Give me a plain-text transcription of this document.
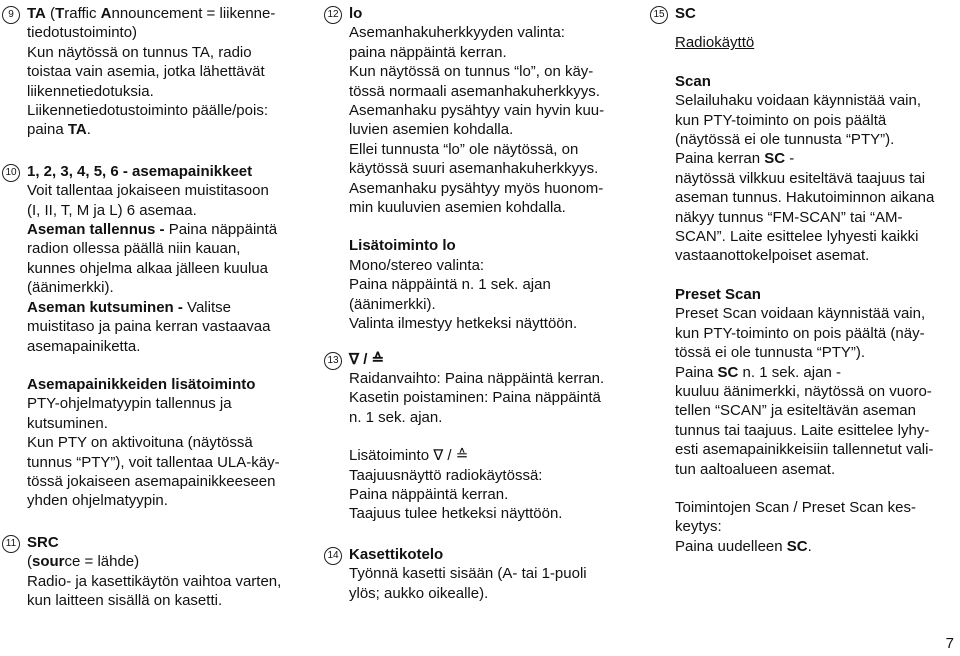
9 TA (Traffic Announcement = liikenne-
tiedotustoiminto)
Kun näytössä on tunnus TA, radio
toistaa vain asemia, jotka lähettävät
liikennetiedotuksia.
Liikennetiedotustoiminto päälle/pois:
paina TA.
10 1, 2, 3, 4, 5, 6 - asemapainikkeet
Voit tallentaa jokaiseen muistitasoon
(I, II, T, M ja L) 6 asemaa.
Aseman tallennus - Paina näppäintä
radion ollessa päällä niin kauan,
kunnes ohjelma alkaa jälleen kuulua
(äänimerkki).
Aseman kutsuminen - Valitse
muistitaso ja paina kerran vastaavaa
asemapainiketta.
Asemapainikkeiden lisätoiminto
PTY-ohjelmatyypin tallennus ja
kutsuminen.
Kun PTY on aktivoituna (näytössä
tunnus “PTY”), voit tallentaa ULA-käy-
tössä jokaiseen asemapainikkeeseen
yhden ohjelmatyypin.
11 SRC
(source = lähde)
Radio- ja kasettikäytön vaihtoa varten,
kun laitteen sisällä on kasetti.
12 lo
Asemanhakuherkkyyden valinta:
paina näppäintä kerran.
Kun näytössä on tunnus “lo”, on käy-
tössä normaali asemanhakuherkkyys.
Asemanhaku pysähtyy vain hyvin kuu-
luvien asemien kohdalla.
Ellei tunnusta “lo” ole näytössä, on
käytössä suuri asemanhakuherkkyys.
Asemanhaku pysähtyy myös huonom-
min kuuluvien asemien kohdalla.
Lisätoiminto lo
Mono/stereo valinta:
Paina näppäintä n. 1 sek. ajan
(äänimerkki).
Valinta ilmestyy hetkeksi näyttöön.
13 ∇ / ≙
Raidanvaihto: Paina näppäintä kerran.
Kasetin poistaminen: Paina näppäintä
n. 1 sek. ajan.
Lisätoiminto ∇ / ≙
Taajuusnäyttö radiokäytössä:
Paina näppäintä kerran.
Taajuus tulee hetkeksi näyttöön.
14 Kasettikotelo
Työnnä kasetti sisään (A- tai 1-puoli
ylös; aukko oikealle).
15 SC
Radiokäyttö
Scan
Selailuhaku voidaan käynnistää vain,
kun PTY-toiminto on pois päältä
(näytössä ei ole tunnusta “PTY”).
Paina kerran SC -
näytössä vilkkuu esiteltävä taajuus tai
aseman tunnus. Hakutoiminnon aikana
näkyy tunnus “FM-SCAN” tai “AM-
SCAN”. Laite esittelee lyhyesti kaikki
vastaanottokelpoiset asemat.
Preset Scan
Preset Scan voidaan käynnistää vain,
kun PTY-toiminto on pois päältä (näy-
tössä ei ole tunnusta “PTY”).
Paina SC n. 1 sek. ajan -
kuuluu äänimerkki, näytössä on vuoro-
tellen “SCAN” ja esiteltävän aseman
tunnus tai taajuus. Laite esittelee lyhy-
esti asemapainikkeisiin tallennetut vali-
tun aaltoalueen asemat.
Toimintojen Scan / Preset Scan kes-
keytys:
Paina uudelleen SC.
7
